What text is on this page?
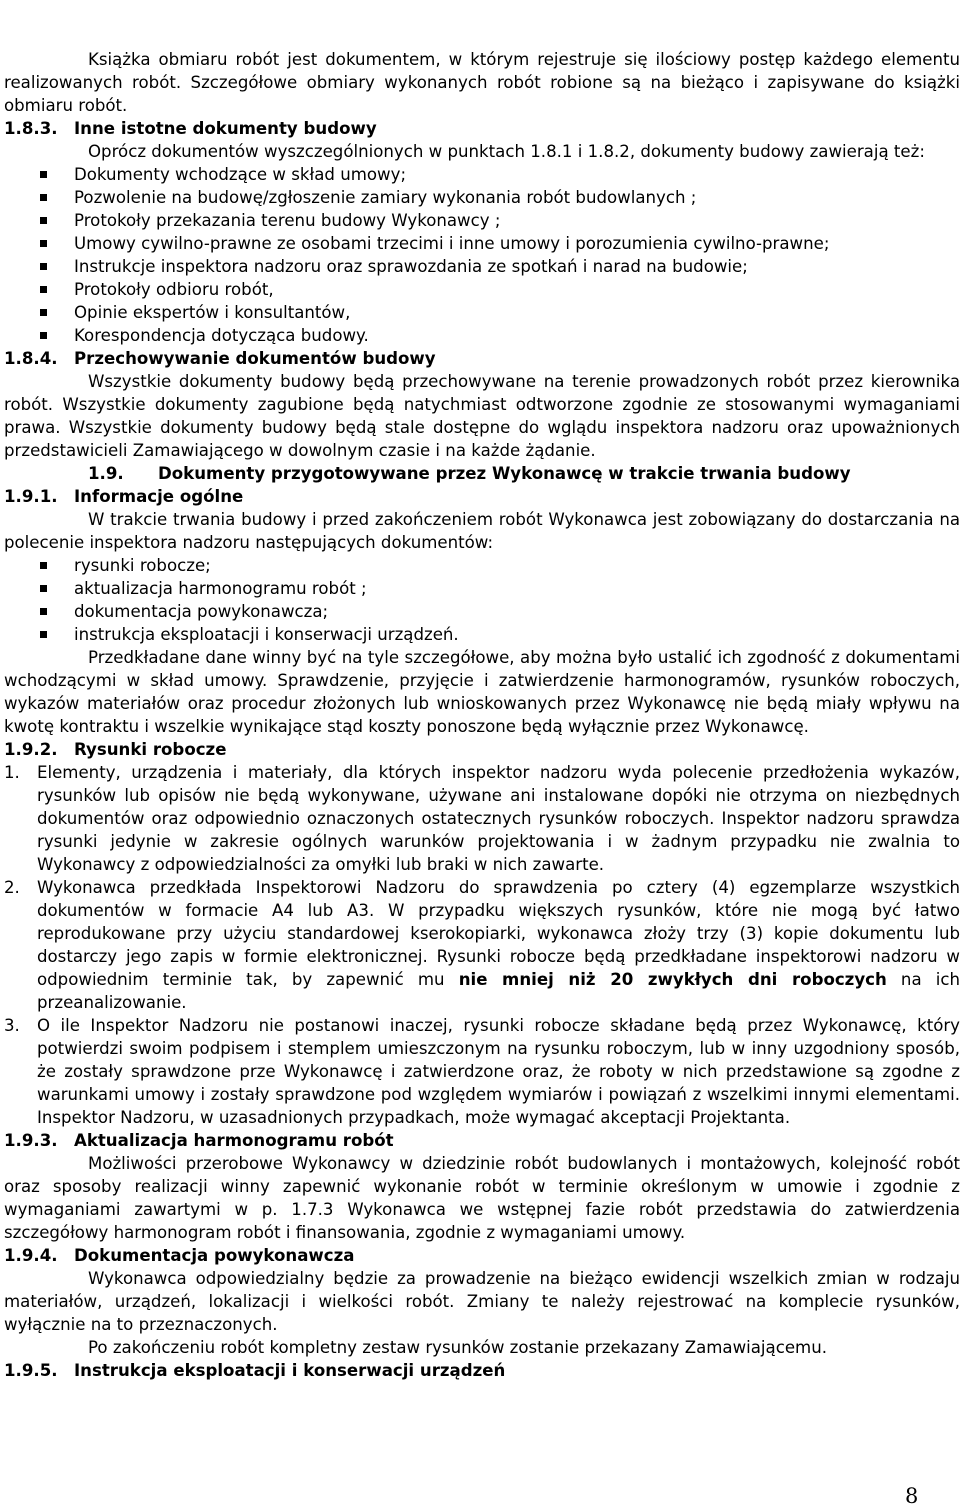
Książka obmiaru robót jest dokumentem, w którym rejestruje się ilościowy postęp każdego elementu realizowanych robót. Szczegółowe obmiary wykonanych robót robione są na bieżąco i zapisywane do książki obmiaru robót.

1.8.3. Inne istotne dokumenty budowy

Oprócz dokumentów wyszczególnionych w punktach 1.8.1 i 1.8.2, dokumenty budowy zawierają też:

Dokumenty wchodzące w skład umowy;
Pozwolenie na budowę/zgłoszenie zamiary wykonania robót budowlanych ;
Protokoły przekazania terenu budowy Wykonawcy ;
Umowy cywilno-prawne ze osobami trzecimi i inne umowy i porozumienia cywilno-prawne;
Instrukcje inspektora nadzoru oraz sprawozdania ze spotkań i narad na budowie;
Protokoły odbioru robót,
Opinie ekspertów i konsultantów,
Korespondencja dotycząca budowy.

1.8.4. Przechowywanie dokumentów budowy

Wszystkie dokumenty budowy będą przechowywane na terenie prowadzonych robót przez kierownika robót. Wszystkie dokumenty zagubione będą natychmiast odtworzone zgodnie ze stosowanymi wymaganiami prawa. Wszystkie dokumenty budowy będą stale dostępne do wglądu inspektora nadzoru oraz upoważnionych przedstawicieli Zamawiającego w dowolnym czasie i na każde żądanie.

1.9. Dokumenty przygotowywane przez Wykonawcę w trakcie trwania budowy

1.9.1. Informacje ogólne

W trakcie trwania budowy i przed zakończeniem robót Wykonawca jest zobowiązany do dostarczania na polecenie inspektora nadzoru następujących dokumentów:

rysunki robocze;
aktualizacja harmonogramu robót ;
dokumentacja powykonawcza;
instrukcja eksploatacji i konserwacji urządzeń.

Przedkładane dane winny być na tyle szczegółowe, aby można było ustalić ich zgodność z dokumentami wchodzącymi w skład umowy. Sprawdzenie, przyjęcie i zatwierdzenie harmonogramów, rysunków roboczych, wykazów materiałów oraz procedur złożonych lub wnioskowanych przez Wykonawcę nie będą miały wpływu na kwotę kontraktu i wszelkie wynikające stąd koszty ponoszone będą wyłącznie przez Wykonawcę.

1.9.2. Rysunki robocze

1. Elementy, urządzenia i materiały, dla których inspektor nadzoru wyda polecenie przedłożenia wykazów, rysunków lub opisów nie będą wykonywane, używane ani instalowane dopóki nie otrzyma on niezbędnych dokumentów oraz odpowiednio oznaczonych ostatecznych rysunków roboczych. Inspektor nadzoru sprawdza rysunki jedynie w zakresie ogólnych warunków projektowania i w żadnym przypadku nie zwalnia to Wykonawcy z odpowiedzialności za omyłki lub braki w nich zawarte.
2. Wykonawca przedkłada Inspektorowi Nadzoru do sprawdzenia po cztery (4) egzemplarze wszystkich dokumentów w formacie A4 lub A3. W przypadku większych rysunków, które nie mogą być łatwo reprodukowane przy użyciu standardowej kserokopiarki, wykonawca złoży trzy (3) kopie dokumentu lub dostarczy jego zapis w formie elektronicznej. Rysunki robocze będą przedkładane inspektorowi nadzoru w odpowiednim terminie tak, by zapewnić mu nie mniej niż 20 zwykłych dni roboczych na ich przeanalizowanie.
3. O ile Inspektor Nadzoru nie postanowi inaczej, rysunki robocze składane będą przez Wykonawcę, który potwierdzi swoim podpisem i stemplem umieszczonym na rysunku roboczym, lub w inny uzgodniony sposób, że zostały sprawdzone prze Wykonawcę i zatwierdzone oraz, że roboty w nich przedstawione są zgodne z warunkami umowy i zostały sprawdzone pod względem wymiarów i powiązań z wszelkimi innymi elementami. Inspektor Nadzoru, w uzasadnionych przypadkach, może wymagać akceptacji Projektanta.

1.9.3. Aktualizacja harmonogramu robót

Możliwości przerobowe Wykonawcy w dziedzinie robót budowlanych i montażowych, kolejność robót oraz sposoby realizacji winny zapewnić wykonanie robót w terminie określonym w umowie i zgodnie z wymaganiami zawartymi w p. 1.7.3 Wykonawca we wstępnej fazie robót przedstawia do zatwierdzenia szczegółowy harmonogram robót i finansowania, zgodnie z wymaganiami umowy.

1.9.4. Dokumentacja powykonawcza

Wykonawca odpowiedzialny będzie za prowadzenie na bieżąco ewidencji wszelkich zmian w rodzaju materiałów, urządzeń, lokalizacji i wielkości robót. Zmiany te należy rejestrować na komplecie rysunków, wyłącznie na to przeznaczonych.

Po zakończeniu robót kompletny zestaw rysunków zostanie przekazany Zamawiającemu.

1.9.5. Instrukcja eksploatacji i konserwacji urządzeń

8
